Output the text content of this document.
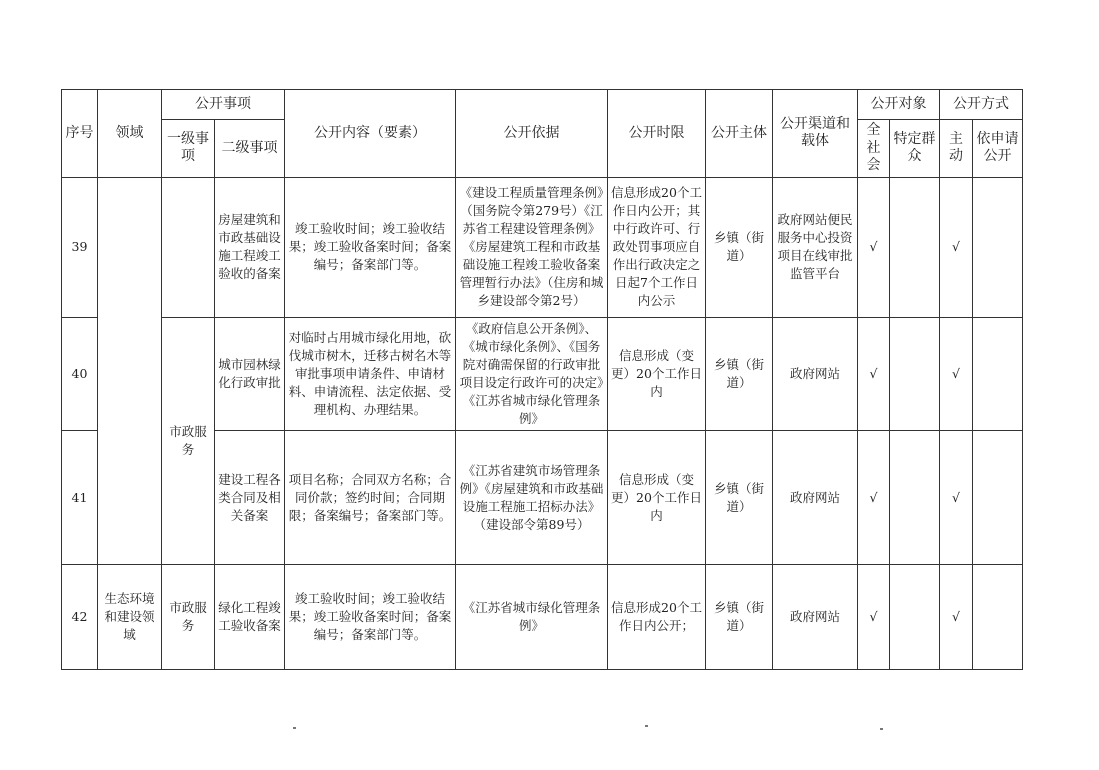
序号	领域	公开事项		公开内容（要素）	公开依据	公开时限	公开主体	公开渠道和载体	公开对象		公开方式	
		一级事项	二级事项						全社会	特定群众	主动	依申请公开
39			房屋建筑和市政基础设施工程竣工验收的备案	竣工验收时间；竣工验收结果；竣工验收备案时间；备案编号；备案部门等。	《建设工程质量管理条例》（国务院令第279号）《江苏省工程建设管理条例》《房屋建筑工程和市政基础设施工程竣工验收备案管理暂行办法》（住房和城乡建设部令第2号）	信息形成20个工作日内公开；其中行政许可、行政处罚事项应自作出行政决定之日起7个工作日内公示	乡镇（街道）	政府网站便民服务中心投资项目在线审批监管平台	√		√	
40		市政服务	城市园林绿化行政审批	对临时占用城市绿化用地，砍伐城市树木，迁移古树名木等审批事项申请条件、申请材料、申请流程、法定依据、受理机构、办理结果。	《政府信息公开条例》、《城市绿化条例》、《国务院对确需保留的行政审批项目设定行政许可的决定》《江苏省城市绿化管理条例》	信息形成（变更）20个工作日内	乡镇（街道）	政府网站	√		√	
41			建设工程各类合同及相关备案	项目名称；合同双方名称；合同价款；签约时间；合同期限；备案编号；备案部门等。	《江苏省建筑市场管理条例》《房屋建筑和市政基础设施工程施工招标办法》（建设部令第89号）	信息形成（变更）20个工作日内	乡镇（街道）	政府网站	√		√	
42	生态环境和建设领域	市政服务	绿化工程竣工验收备案	竣工验收时间；竣工验收结果；竣工验收备案时间；备案编号；备案部门等。	《江苏省城市绿化管理条例》	信息形成20个工作日内公开；	乡镇（街道）	政府网站	√		√	
